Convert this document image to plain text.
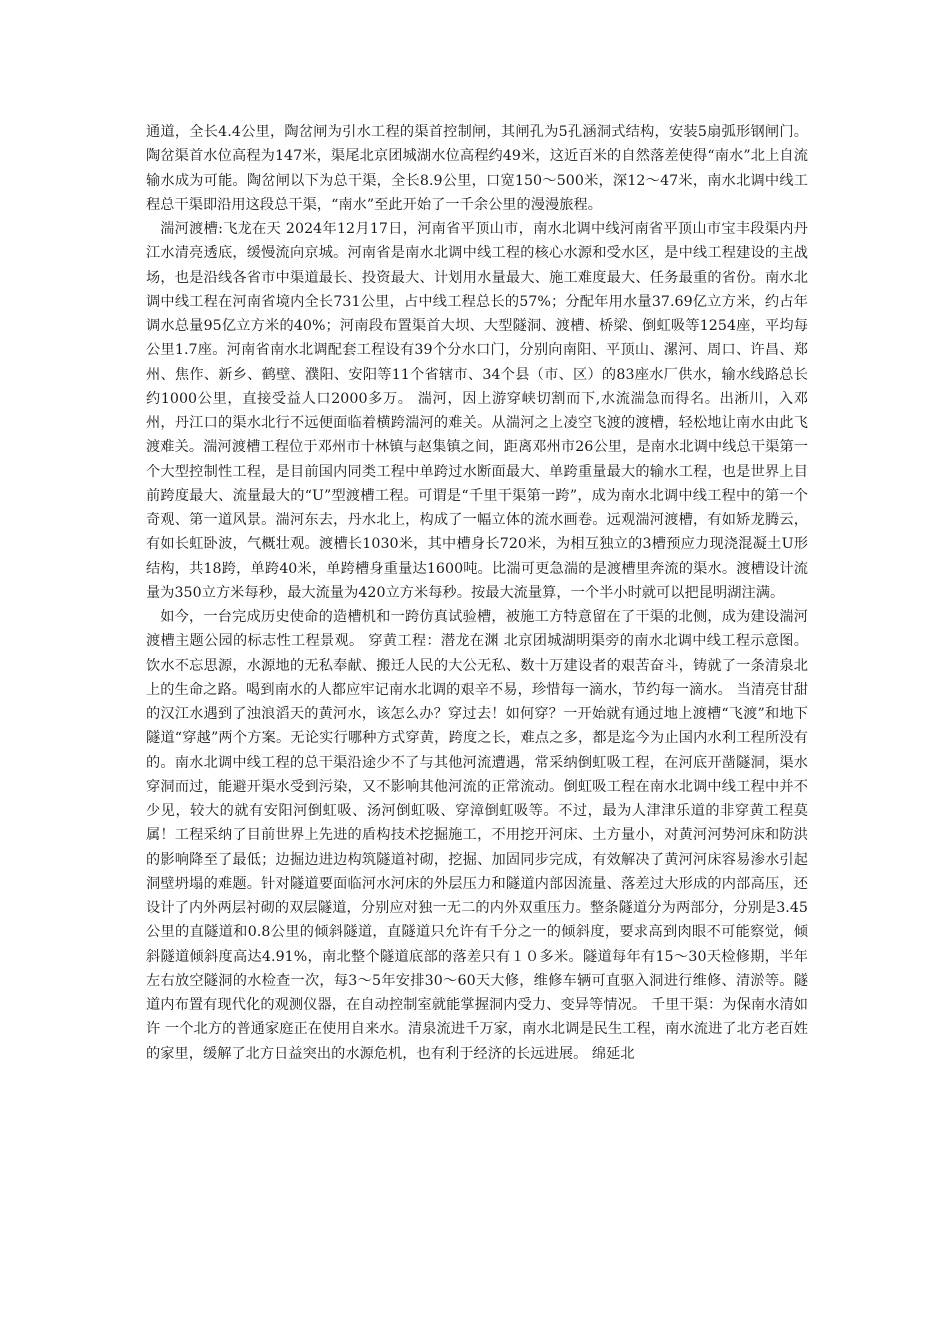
通道，全长4.4公里，陶岔闸为引水工程的渠首控制闸，其闸孔为5孔涵洞式结构，安装5扇弧形钢闸门。陶岔渠首水位高程为147米，渠尾北京团城湖水位高程约49米，这近百米的自然落差使得“南水”北上自流输水成为可能。陶岔闸以下为总干渠，全长8.9公里，口宽150～500米，深12～47米，南水北调中线工程总干渠即沿用这段总干渠，“南水”至此开始了一千余公里的漫漫旅程。

湍河渡槽:飞龙在天 2024年12月17日，河南省平顶山市，南水北调中线河南省平顶山市宝丰段渠内丹江水清亮透底，缓慢流向京城。河南省是南水北调中线工程的核心水源和受水区，是中线工程建设的主战场，也是沿线各省市中渠道最长、投资最大、计划用水量最大、施工难度最大、任务最重的省份。南水北调中线工程在河南省境内全长731公里，占中线工程总长的57%；分配年用水量37.69亿立方米，约占年调水总量95亿立方米的40%；河南段布置渠首大坝、大型隧洞、渡槽、桥梁、倒虹吸等1254座，平均每公里1.7座。河南省南水北调配套工程设有39个分水口门，分别向南阳、平顶山、漯河、周口、许昌、郑州、焦作、新乡、鹤壁、濮阳、安阳等11个省辖市、34个县（市、区）的83座水厂供水，输水线路总长约1000公里，直接受益人口2000多万。 湍河，因上游穿峡切割而下,水流湍急而得名。出淅川，入邓州，丹江口的渠水北行不远便面临着横跨湍河的难关。从湍河之上凌空飞渡的渡槽，轻松地让南水由此飞渡难关。湍河渡槽工程位于邓州市十林镇与赵集镇之间，距离邓州市26公里，是南水北调中线总干渠第一个大型控制性工程，是目前国内同类工程中单跨过水断面最大、单跨重量最大的输水工程，也是世界上目前跨度最大、流量最大的“U”型渡槽工程。可谓是“千里干渠第一跨”，成为南水北调中线工程中的第一个奇观、第一道风景。湍河东去，丹水北上，构成了一幅立体的流水画卷。远观湍河渡槽，有如矫龙腾云，有如长虹卧波，气概壮观。渡槽长1030米，其中槽身长720米，为相互独立的3槽预应力现浇混凝土U形结构，共18跨，单跨40米，单跨槽身重量达1600吨。比湍可更急湍的是渡槽里奔流的渠水。渡槽设计流量为350立方米每秒，最大流量为420立方米每秒。按最大流量算，一个半小时就可以把昆明湖注满。

如今，一台完成历史使命的造槽机和一跨仿真试验槽，被施工方特意留在了干渠的北侧，成为建设湍河渡槽主题公园的标志性工程景观。 穿黄工程：潜龙在渊 北京团城湖明渠旁的南水北调中线工程示意图。饮水不忘思源，水源地的无私奉献、搬迁人民的大公无私、数十万建设者的艰苦奋斗，铸就了一条清泉北上的生命之路。喝到南水的人都应牢记南水北调的艰辛不易，珍惜每一滴水，节约每一滴水。 当清亮甘甜的汉江水遇到了浊浪滔天的黄河水，该怎么办？穿过去！如何穿？一开始就有通过地上渡槽“飞渡”和地下隧道“穿越”两个方案。无论实行哪种方式穿黄，跨度之长，难点之多，都是迄今为止国内水利工程所没有的。南水北调中线工程的总干渠沿途少不了与其他河流遭遇，常采纳倒虹吸工程，在河底开凿隧洞，渠水穿洞而过，能避开渠水受到污染，又不影响其他河流的正常流动。倒虹吸工程在南水北调中线工程中并不少见，较大的就有安阳河倒虹吸、汤河倒虹吸、穿漳倒虹吸等。不过，最为人津津乐道的非穿黄工程莫属！工程采纳了目前世界上先进的盾构技术挖掘施工，不用挖开河床、土方量小，对黄河河势河床和防洪的影响降至了最低；边掘边进边构筑隧道衬砌，挖掘、加固同步完成，有效解决了黄河河床容易渗水引起洞壁坍塌的难题。针对隧道要面临河水河床的外层压力和隧道内部因流量、落差过大形成的内部高压，还设计了内外两层衬砌的双层隧道，分别应对独一无二的内外双重压力。整条隧道分为两部分，分别是3.45公里的直隧道和0.8公里的倾斜隧道，直隧道只允许有千分之一的倾斜度，要求高到肉眼不可能察觉，倾斜隧道倾斜度高达4.91%，南北整个隧道底部的落差只有１０多米。隧道每年有15～30天检修期，半年左右放空隧洞的水检查一次，每3～5年安排30～60天大修，维修车辆可直驱入洞进行维修、清淤等。隧道内布置有现代化的观测仪器，在自动控制室就能掌握洞内受力、变异等情况。 千里干渠：为保南水清如许 一个北方的普通家庭正在使用自来水。清泉流进千万家，南水北调是民生工程，南水流进了北方老百姓的家里，缓解了北方日益突出的水源危机，也有利于经济的长远进展。 绵延北
